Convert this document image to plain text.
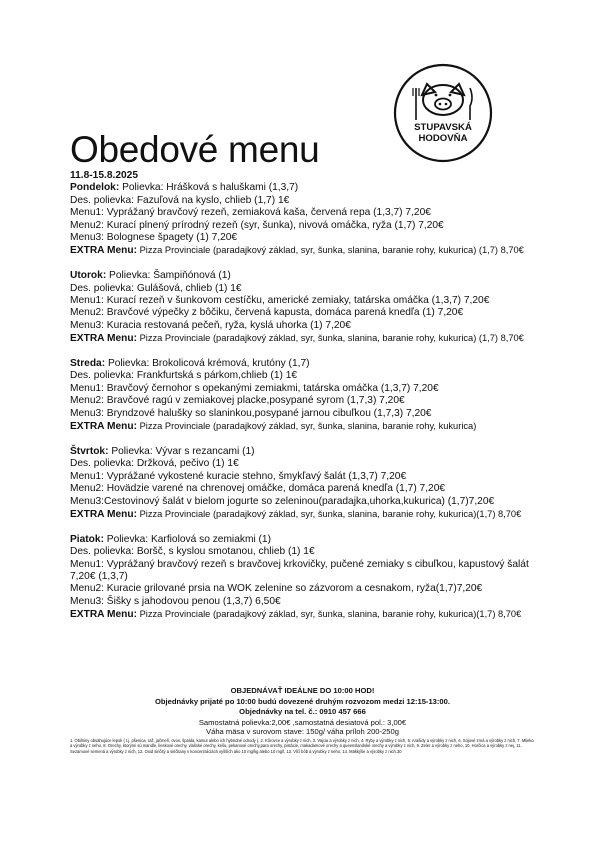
STUPAVSKÁ
HODOVŇA
Obedové menu
11.8-15.8.2025
Pondelok: Polievka: Hrášková s haluškami (1,3,7)
Des. polievka: Fazuľová na kyslo, chlieb (1,7) 1€
Menu1: Vyprážaný bravčový rezeň, zemiaková kaša, červená repa (1,3,7) 7,20€
Menu2: Kurací plnený prírodný rezeň (syr, šunka), nivová omáčka, ryža (1,7) 7,20€
Menu3: Bolognese špagety (1) 7,20€
EXTRA Menu: Pizza Provinciale (paradajkový základ, syr, šunka, slanina, baranie rohy, kukurica) (1,7) 8,70€
Utorok: Polievka: Šampiňónová (1)
Des. polievka: Gulášová, chlieb (1) 1€
Menu1: Kurací rezeň v šunkovom cestíčku, americké zemiaky, tatárska omáčka (1,3,7) 7,20€
Menu2: Bravčové výpečky z bôčiku, červená kapusta, domáca parená knedľa (1) 7,20€
Menu3: Kuracia restovaná pečeň, ryža, kyslá uhorka (1) 7,20€
EXTRA Menu: Pizza Provinciale (paradajkový základ, syr, šunka, slanina, baranie rohy, kukurica) (1,7) 8,70€
Streda: Polievka: Brokolicová krémová, krutóny (1,7)
Des. polievka: Frankfurtská s párkom,chlieb (1) 1€
Menu1: Bravčový černohor s opekanými zemiakmi, tatárska omáčka (1,3,7) 7,20€
Menu2: Bravčové ragú v zemiakovej placke,posypané syrom (1,7,3) 7,20€
Menu3: Bryndzové halušky so slaninkou,posypané jarnou cibuľkou (1,7,3) 7,20€
EXTRA Menu: Pizza Provinciale (paradajkový základ, syr, šunka, slanina, baranie rohy, kukurica)
Štvrtok: Polievka: Vývar s rezancami (1)
Des. polievka: Držková, pečivo (1) 1€
Menu1: Vyprážané vykostené kuracie stehno, šmykľavý šalát (1,3,7) 7,20€
Menu2: Hovädzie varené na chrenovej omáčke, domáca parená knedľa (1,7) 7,20€
Menu3:Cestovinový šalát v bielom jogurte so zeleninou(paradajka,uhorka,kukurica) (1,7)7,20€
EXTRA Menu: Pizza Provinciale (paradajkový základ, syr, šunka, slanina, baranie rohy, kukurica)(1,7) 8,70€
Piatok: Polievka: Karfiolová so zemiakmi (1)
Des. polievka: Boršč, s kyslou smotanou, chlieb (1) 1€
Menu1: Vyprážaný bravčový rezeň s bravčovej krkovičky, pučené zemiaky s cibuľkou, kapustový šalát 7,20€ (1,3,7)
Menu2: Kuracie grilované prsia na WOK zelenine so zázvorom a cesnakom, ryža(1,7)7,20€
Menu3: Šišky s jahodovou penou (1,3,7) 6,50€
EXTRA Menu: Pizza Provinciale (paradajkový základ, syr, šunka, slanina, baranie rohy, kukurica)(1,7) 8,70€
OBJEDNÁVAŤ IDEÁLNE DO 10:00 HOD!
Objednávky prijaté po 10:00 budú dovezené druhým rozvozom medzi 12:15-13:00.
Objednávky na tel. č.: 0910 457 666
Samostatná polievka:2,00€ ,samostatná desiatová pol.: 3,00€
Váha mäsa v surovom stave: 150g/ váha príloh 200-250g
1. Obilniny obsahujúce lepok ( t.j. pšenica, raž, jačmeň, ovos, špalda, kamut alebo ich hybridné odrody ), 2. Kôrovce a výrobky z nich, 3. Vajcia a výrobky z nich, 4. Ryby a výrobky z nich, 5. Arašidy a výrobky z nich, 6. Sójové zrná a výrobky z nich, 7. Mlieko a výrobky z neho, 8. Orechy, ktorými sú mandle, lieskové orechy, vlašské orechy, kešu, pekanové orechy,para orechy, pistácie, makadamové orechy a queenslandské orechy a výrobky z nich, 9. Zeler a výrobky z neho, 10. Horčica a výrobky z nej, 11. Sezamové semená a výrobky z nich, 12. Oxid siričitý a siričitany v koncentráciách vyšších ako 10 mg/kg alebo 10 mg/l, 13. Vlčí bôb a výrobky z neho, 14. Mäkkýše a výrobky z nich.30
